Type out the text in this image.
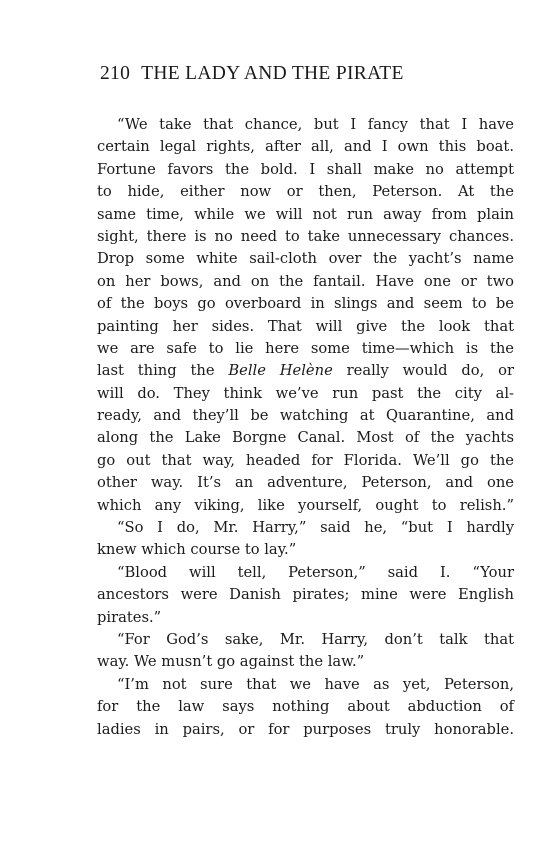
210 THE LADY AND THE PIRATE
“We take that chance, but I fancy that I have
certain legal rights, after all, and I own this boat.
Fortune favors the bold. I shall make no attempt
to hide, either now or then, Peterson. At the
same time, while we will not run away from plain
sight, there is no need to take unnecessary chances.
Drop some white sail-cloth over the yacht’s name
on her bows, and on the fantail. Have one or two
of the boys go overboard in slings and seem to be
painting her sides. That will give the look that
we are safe to lie here some time—which is the
last thing the Belle Helène really would do, or
will do. They think we’ve run past the city al-
ready, and they’ll be watching at Quarantine, and
along the Lake Borgne Canal. Most of the yachts
go out that way, headed for Florida. We’ll go the
other way. It’s an adventure, Peterson, and one
which any viking, like yourself, ought to relish.”
“So I do, Mr. Harry,” said he, “but I hardly
knew which course to lay.”
“Blood will tell, Peterson,” said I. “Your
ancestors were Danish pirates; mine were English
pirates.”
“For God’s sake, Mr. Harry, don’t talk that
way. We musn’t go against the law.”
“I’m not sure that we have as yet, Peterson,
for the law says nothing about abduction of
ladies in pairs, or for purposes truly honorable.
